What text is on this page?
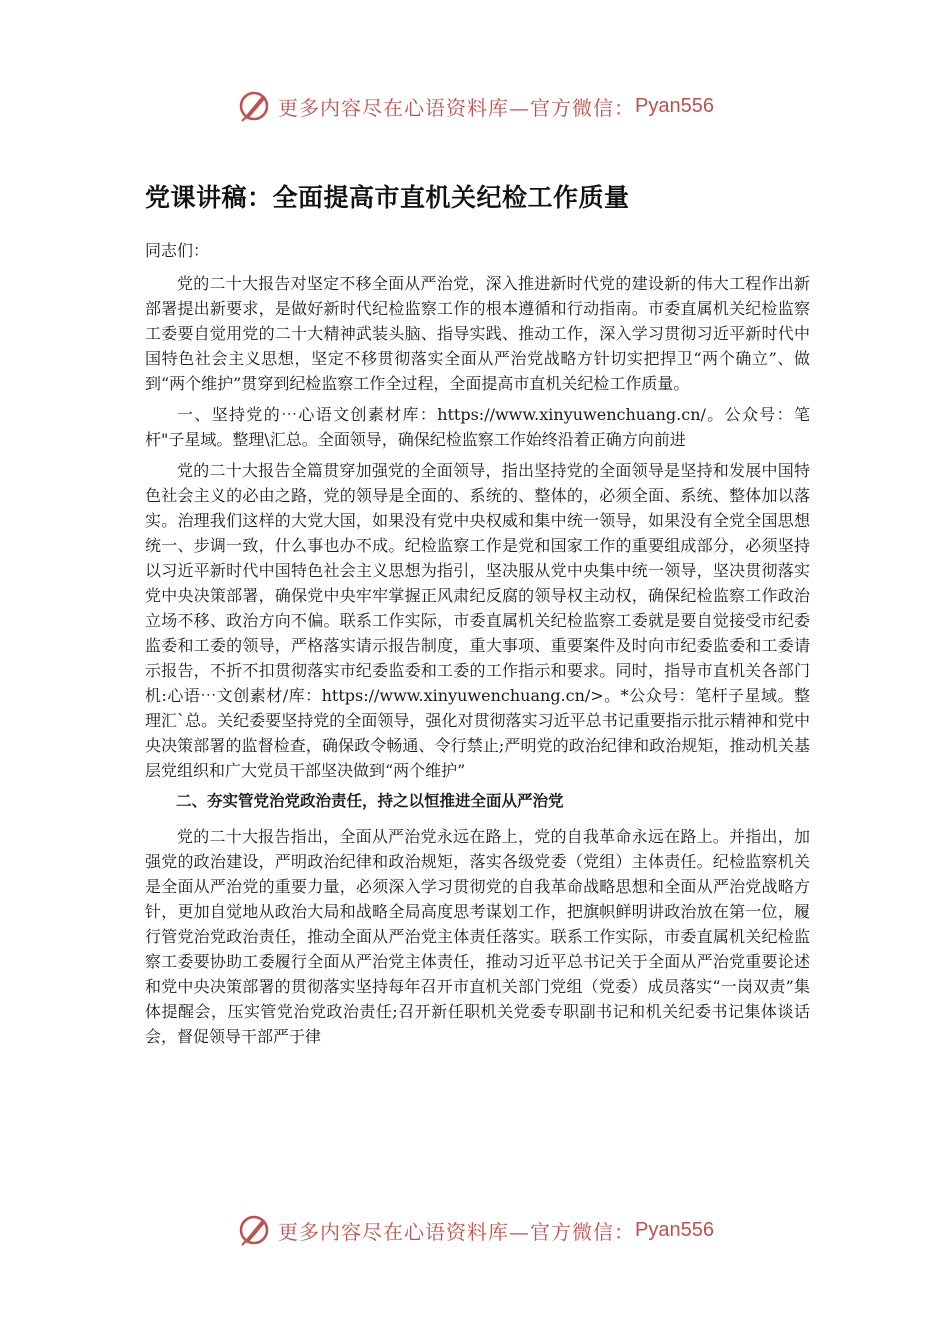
更多内容尽在心语资料库—官方微信： Pyan556
党课讲稿：全面提高市直机关纪检工作质量

同志们：

党的二十大报告对坚定不移全面从严治党，深入推进新时代党的建设新的伟大工程作出新部署提出新要求，是做好新时代纪检监察工作的根本遵循和行动指南。市委直属机关纪检监察工委要自觉用党的二十大精神武装头脑、指导实践、推动工作，深入学习贯彻习近平新时代中国特色社会主义思想，坚定不移贯彻落实全面从严治党战略方针切实把捍卫“两个确立”、做到“两个维护”贯穿到纪检监察工作全过程，全面提高市直机关纪检工作质量。

一、坚持党的⋯心语文创素材库：https://www.xinyuwenchuang.cn/。公众号：笔杆"子星域。整理\汇总。全面领导，确保纪检监察工作始终沿着正确方向前进

党的二十大报告全篇贯穿加强党的全面领导，指出坚持党的全面领导是坚持和发展中国特色社会主义的必由之路，党的领导是全面的、系统的、整体的，必须全面、系统、整体加以落实。治理我们这样的大党大国，如果没有党中央权威和集中统一领导，如果没有全党全国思想统一、步调一致，什么事也办不成。纪检监察工作是党和国家工作的重要组成部分，必须坚持以习近平新时代中国特色社会主义思想为指引，坚决服从党中央集中统一领导，坚决贯彻落实党中央决策部署，确保党中央牢牢掌握正风肃纪反腐的领导权主动权，确保纪检监察工作政治立场不移、政治方向不偏。联系工作实际，市委直属机关纪检监察工委就是要自觉接受市纪委监委和工委的领导，严格落实请示报告制度，重大事项、重要案件及时向市纪委监委和工委请示报告，不折不扣贯彻落实市纪委监委和工委的工作指示和要求。同时，指导市直机关各部门机:心语⋯文创素材/库：https://www.xinyuwenchuang.cn/>。*公众号：笔杆子星域。整理汇`总。关纪委要坚持党的全面领导，强化对贯彻落实习近平总书记重要指示批示精神和党中央决策部署的监督检查，确保政令畅通、令行禁止;严明党的政治纪律和政治规矩，推动机关基层党组织和广大党员干部坚决做到“两个维护”

二、夯实管党治党政治责任，持之以恒推进全面从严治党

党的二十大报告指出，全面从严治党永远在路上，党的自我革命永远在路上。并指出，加强党的政治建设，严明政治纪律和政治规矩，落实各级党委（党组）主体责任。纪检监察机关是全面从严治党的重要力量，必须深入学习贯彻党的自我革命战略思想和全面从严治党战略方针，更加自觉地从政治大局和战略全局高度思考谋划工作，把旗帜鲜明讲政治放在第一位，履行管党治党政治责任，推动全面从严治党主体责任落实。联系工作实际，市委直属机关纪检监察工委要协助工委履行全面从严治党主体责任，推动习近平总书记关于全面从严治党重要论述和党中央决策部署的贯彻落实坚持每年召开市直机关部门党组（党委）成员落实“一岗双责”集体提醒会，压实管党治党政治责任;召开新任职机关党委专职副书记和机关纪委书记集体谈话会，督促领导干部严于律

更多内容尽在心语资料库—官方微信： Pyan556
